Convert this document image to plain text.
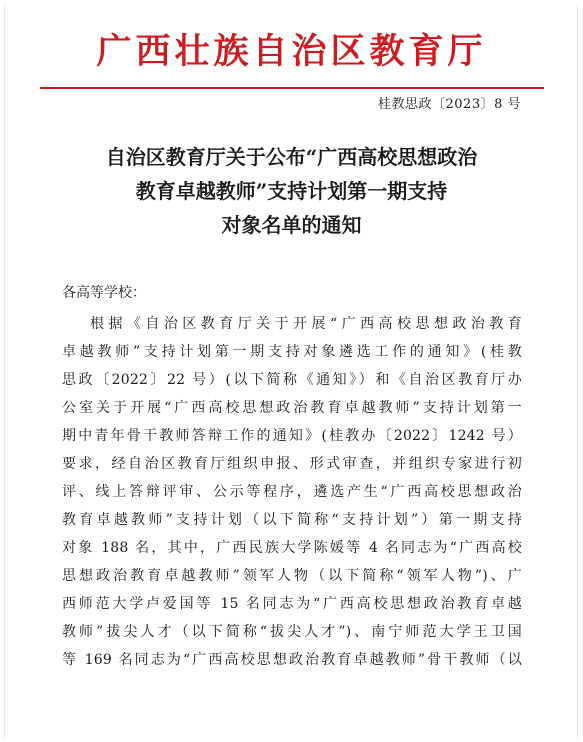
广西壮族自治区教育厅
桂教思政〔2023〕8 号
自治区教育厅关于公布“广西高校思想政治
教育卓越教师”支持计划第一期支持
对象名单的通知
各高等学校：
根据《自治区教育厅关于开展“广西高校思想政治教育
卓越教师”支持计划第一期支持对象遴选工作的通知》(桂教
思政〔2022〕22 号）(以下简称《通知》）和《自治区教育厅办
公室关于开展“广西高校思想政治教育卓越教师”支持计划第一
期中青年骨干教师答辩工作的通知》(桂教办〔2022〕1242 号）
要求，经自治区教育厅组织申报、形式审查，并组织专家进行初
评、线上答辩评审、公示等程序，遴选产生“广西高校思想政治
教育卓越教师”支持计划（以下简称“支持计划”）第一期支持
对象 188 名，其中，广西民族大学陈媛等 4 名同志为“广西高校
思想政治教育卓越教师”领军人物（以下简称“领军人物”)、广
西师范大学卢爱国等 15 名同志为“广西高校思想政治教育卓越
教师”拔尖人才（以下简称“拔尖人才”)、南宁师范大学王卫国
等 169 名同志为“广西高校思想政治教育卓越教师”骨干教师（以
